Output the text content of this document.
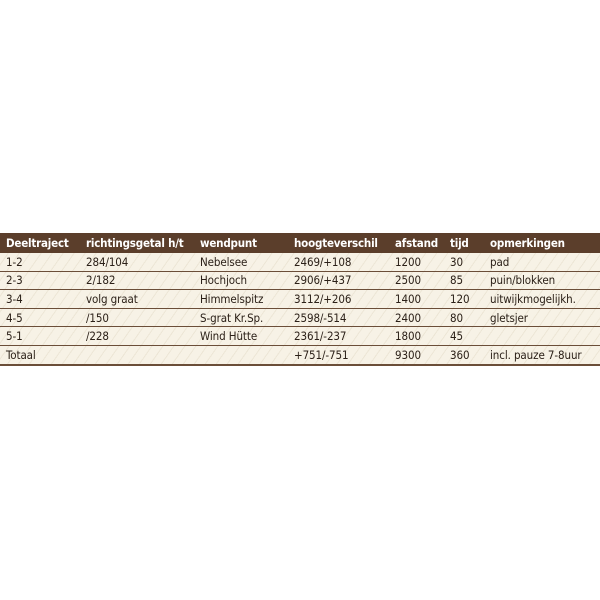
Deeltraject	richtingsgetal h/t	wendpunt	hoogteverschil	afstand	tijd	opmerkingen
1-2	284/104	Nebelsee	2469/+108	1200	30	pad
2-3	2/182	Hochjoch	2906/+437	2500	85	puin/blokken
3-4	volg graat	Himmelspitz	3112/+206	1400	120	uitwijkmogelijkh.
4-5	/150	S-grat Kr.Sp.	2598/-514	2400	80	gletsjer
5-1	/228	Wind Hütte	2361/-237	1800	45	
Totaal			+751/-751	9300	360	incl. pauze 7-8uur
